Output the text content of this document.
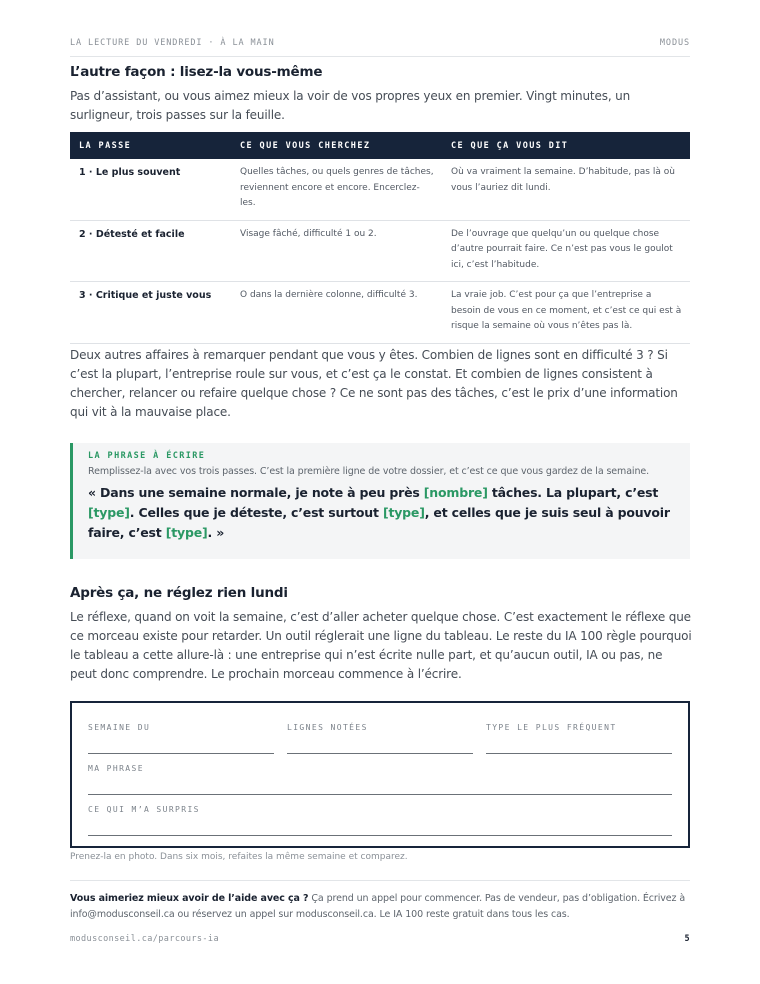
LA LECTURE DU VENDREDI · À LA MAIN	MODUS
L’autre façon : lisez-la vous-même

Pas d’assistant, ou vous aimez mieux la voir de vos propres yeux en premier. Vingt minutes, un surligneur, trois passes sur la feuille.

LA PASSE	CE QUE VOUS CHERCHEZ	CE QUE ÇA VOUS DIT
1 · Le plus souvent	Quelles tâches, ou quels genres de tâches, reviennent encore et encore. Encerclez-les.	Où va vraiment la semaine. D’habitude, pas là où vous l’auriez dit lundi.
2 · Détesté et facile	Visage fâché, difficulté 1 ou 2.	De l’ouvrage que quelqu’un ou quelque chose d’autre pourrait faire. Ce n’est pas vous le goulot ici, c’est l’habitude.
3 · Critique et juste vous	O dans la dernière colonne, difficulté 3.	La vraie job. C’est pour ça que l’entreprise a besoin de vous en ce moment, et c’est ce qui est à risque la semaine où vous n’êtes pas là.

Deux autres affaires à remarquer pendant que vous y êtes. Combien de lignes sont en difficulté 3 ? Si c’est la plupart, l’entreprise roule sur vous, et c’est ça le constat. Et combien de lignes consistent à chercher, relancer ou refaire quelque chose ? Ce ne sont pas des tâches, c’est le prix d’une information qui vit à la mauvaise place.

LA PHRASE À ÉCRIRE
Remplissez-la avec vos trois passes. C’est la première ligne de votre dossier, et c’est ce que vous gardez de la semaine.
« Dans une semaine normale, je note à peu près [nombre] tâches. La plupart, c’est [type]. Celles que je déteste, c’est surtout [type], et celles que je suis seul à pouvoir faire, c’est [type]. »
Après ça, ne réglez rien lundi

Le réflexe, quand on voit la semaine, c’est d’aller acheter quelque chose. C’est exactement le réflexe que ce morceau existe pour retarder. Un outil réglerait une ligne du tableau. Le reste du IA 100 règle pourquoi le tableau a cette allure-là : une entreprise qui n’est écrite nulle part, et qu’aucun outil, IA ou pas, ne peut donc comprendre. Le prochain morceau commence à l’écrire.

SEMAINE DU	LIGNES NOTÉES	TYPE LE PLUS FRÉQUENT
MA PHRASE
CE QUI M’A SURPRIS
Prenez-la en photo. Dans six mois, refaites la même semaine et comparez.
Vous aimeriez mieux avoir de l’aide avec ça ? Ça prend un appel pour commencer. Pas de vendeur, pas d’obligation. Écrivez à info@modusconseil.ca ou réservez un appel sur modusconseil.ca. Le IA 100 reste gratuit dans tous les cas.
modusconseil.ca/parcours-ia	5
